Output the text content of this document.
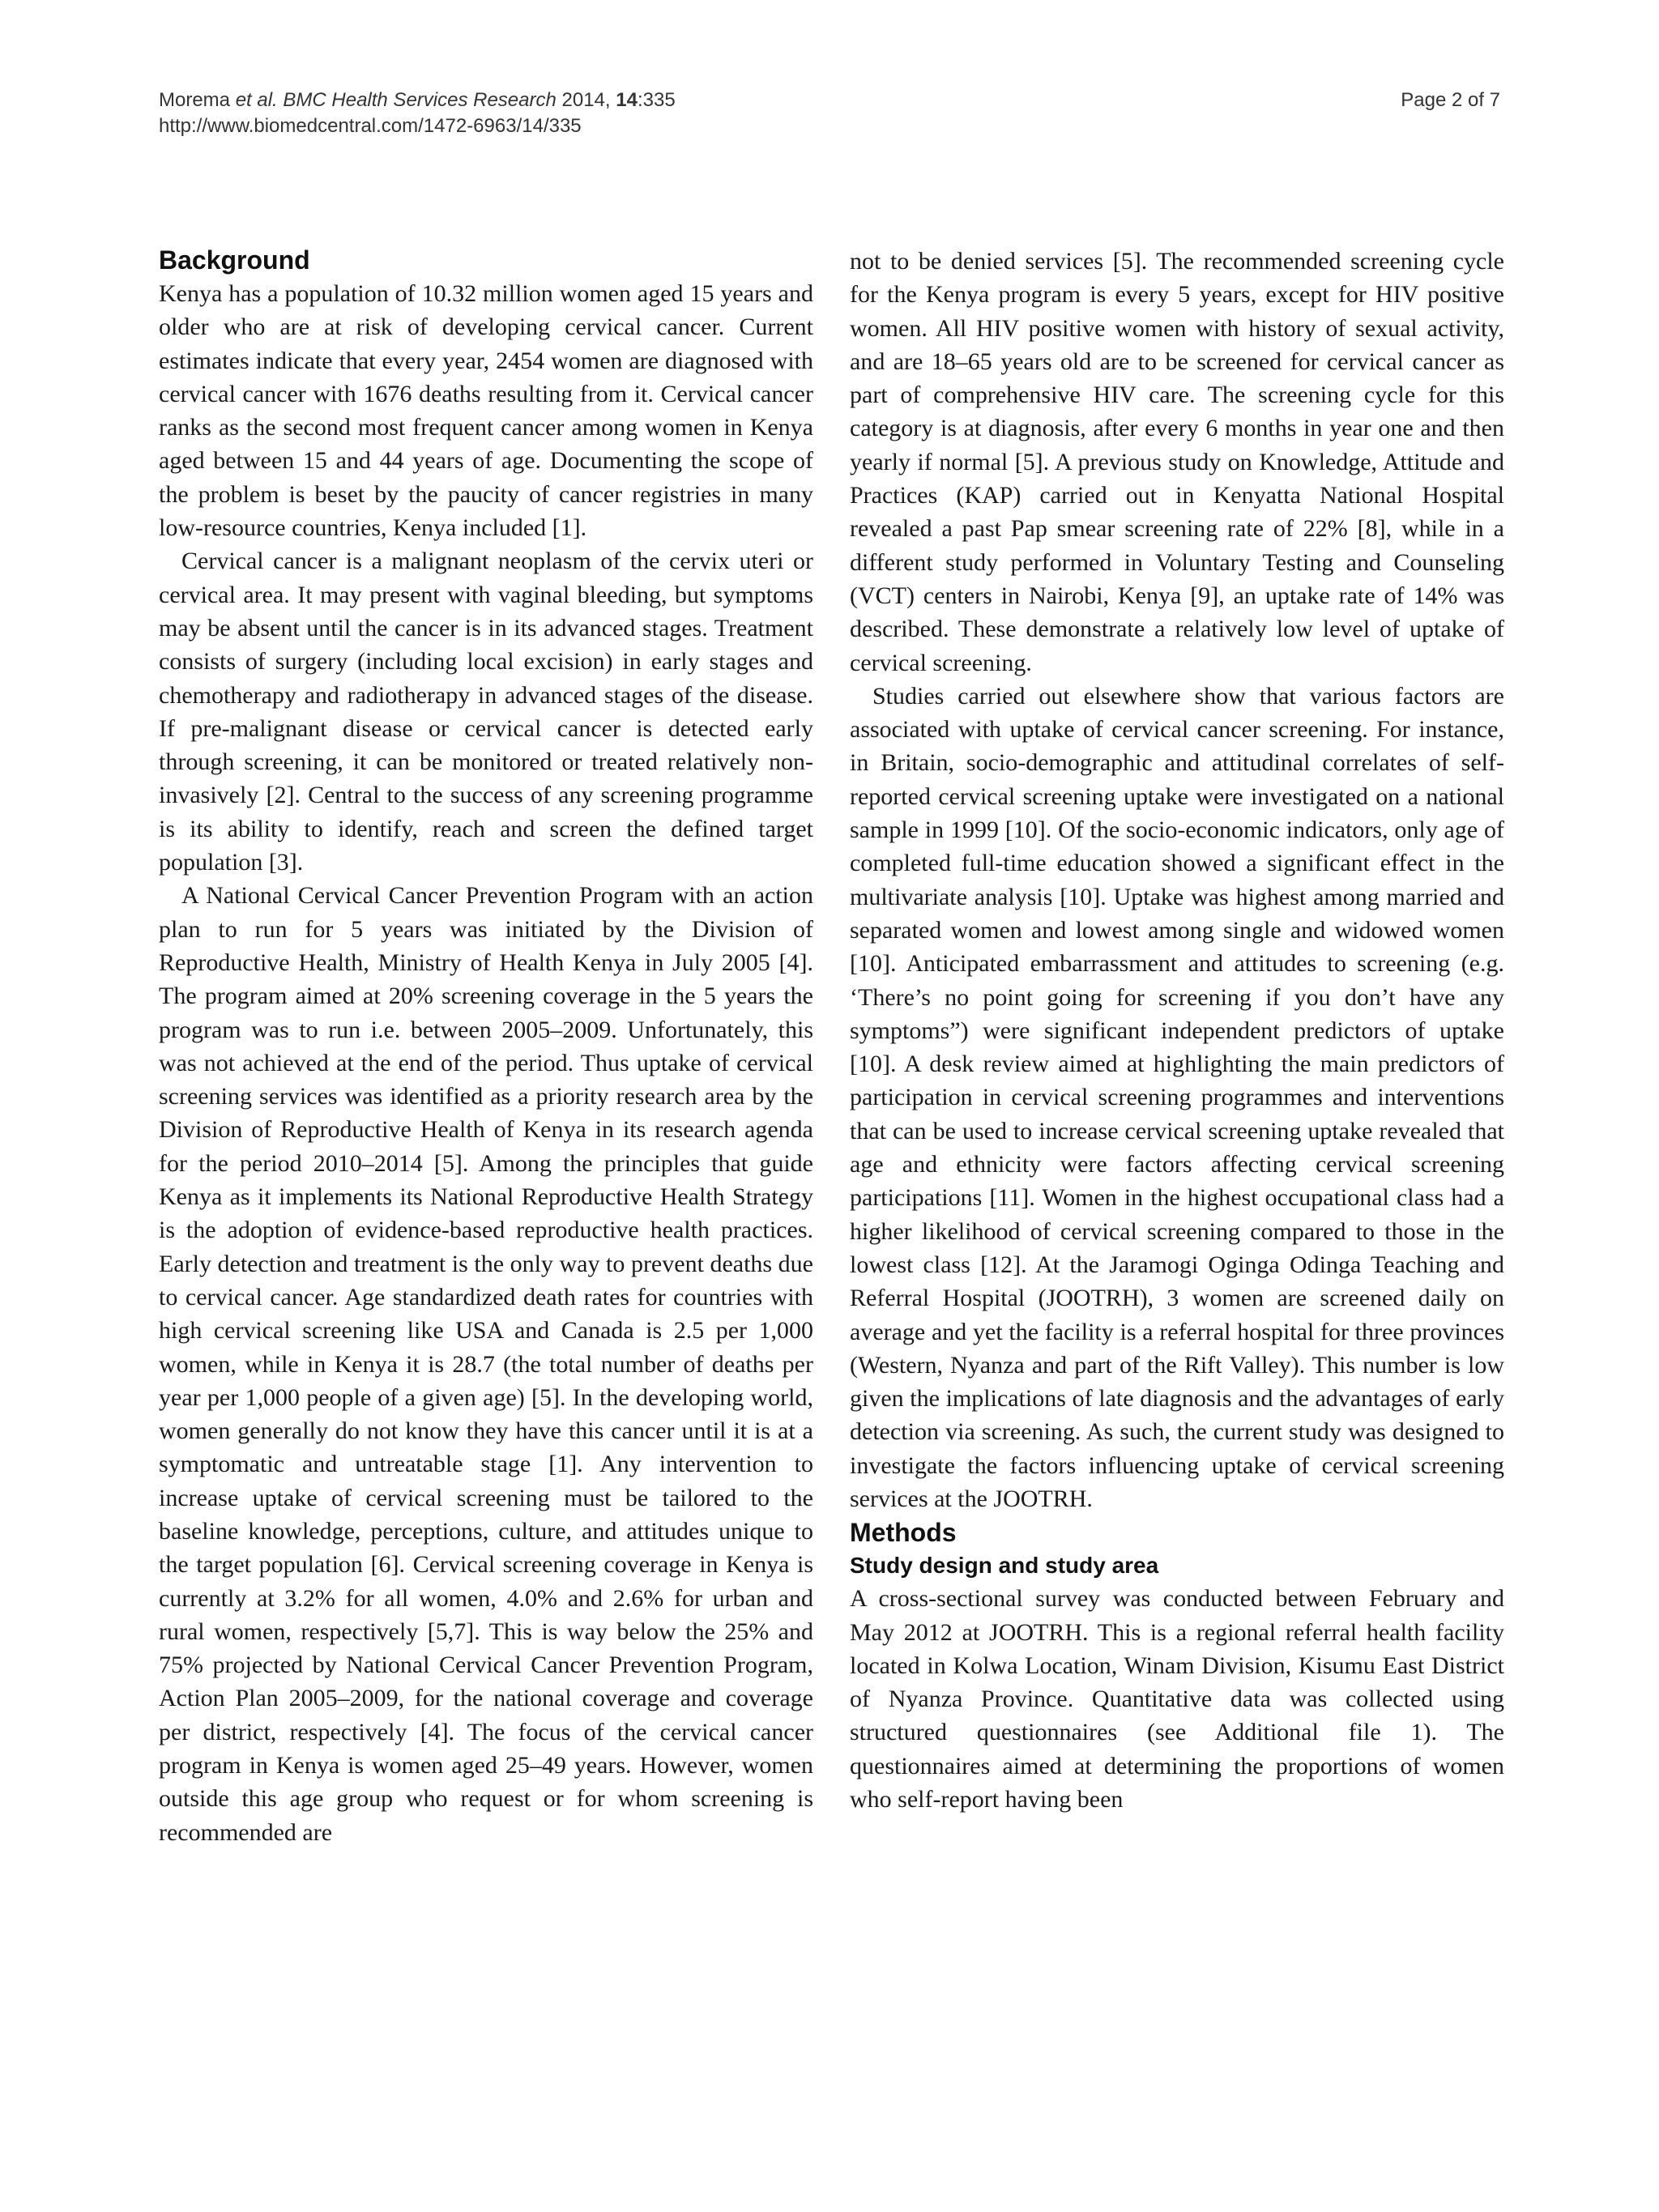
Morema et al. BMC Health Services Research 2014, 14:335
http://www.biomedcentral.com/1472-6963/14/335
Page 2 of 7
Background

Kenya has a population of 10.32 million women aged 15 years and older who are at risk of developing cervical cancer. Current estimates indicate that every year, 2454 women are diagnosed with cervical cancer with 1676 deaths resulting from it. Cervical cancer ranks as the second most frequent cancer among women in Kenya aged between 15 and 44 years of age. Documenting the scope of the problem is beset by the paucity of cancer registries in many low-resource countries, Kenya included [1].

Cervical cancer is a malignant neoplasm of the cervix uteri or cervical area. It may present with vaginal bleeding, but symptoms may be absent until the cancer is in its advanced stages. Treatment consists of surgery (including local excision) in early stages and chemotherapy and radiotherapy in advanced stages of the disease. If pre-malignant disease or cervical cancer is detected early through screening, it can be monitored or treated relatively non-invasively [2]. Central to the success of any screening programme is its ability to identify, reach and screen the defined target population [3].

A National Cervical Cancer Prevention Program with an action plan to run for 5 years was initiated by the Division of Reproductive Health, Ministry of Health Kenya in July 2005 [4]. The program aimed at 20% screening coverage in the 5 years the program was to run i.e. between 2005–2009. Unfortunately, this was not achieved at the end of the period. Thus uptake of cervical screening services was identified as a priority research area by the Division of Reproductive Health of Kenya in its research agenda for the period 2010–2014 [5]. Among the principles that guide Kenya as it implements its National Reproductive Health Strategy is the adoption of evidence-based reproductive health practices. Early detection and treatment is the only way to prevent deaths due to cervical cancer. Age standardized death rates for countries with high cervical screening like USA and Canada is 2.5 per 1,000 women, while in Kenya it is 28.7 (the total number of deaths per year per 1,000 people of a given age) [5]. In the developing world, women generally do not know they have this cancer until it is at a symptomatic and untreatable stage [1]. Any intervention to increase uptake of cervical screening must be tailored to the baseline knowledge, perceptions, culture, and attitudes unique to the target population [6]. Cervical screening coverage in Kenya is currently at 3.2% for all women, 4.0% and 2.6% for urban and rural women, respectively [5,7]. This is way below the 25% and 75% projected by National Cervical Cancer Prevention Program, Action Plan 2005–2009, for the national coverage and coverage per district, respectively [4]. The focus of the cervical cancer program in Kenya is women aged 25–49 years. However, women outside this age group who request or for whom screening is recommended are

not to be denied services [5]. The recommended screening cycle for the Kenya program is every 5 years, except for HIV positive women. All HIV positive women with history of sexual activity, and are 18–65 years old are to be screened for cervical cancer as part of comprehensive HIV care. The screening cycle for this category is at diagnosis, after every 6 months in year one and then yearly if normal [5]. A previous study on Knowledge, Attitude and Practices (KAP) carried out in Kenyatta National Hospital revealed a past Pap smear screening rate of 22% [8], while in a different study performed in Voluntary Testing and Counseling (VCT) centers in Nairobi, Kenya [9], an uptake rate of 14% was described. These demonstrate a relatively low level of uptake of cervical screening.

Studies carried out elsewhere show that various factors are associated with uptake of cervical cancer screening. For instance, in Britain, socio-demographic and attitudinal correlates of self-reported cervical screening uptake were investigated on a national sample in 1999 [10]. Of the socio-economic indicators, only age of completed full-time education showed a significant effect in the multivariate analysis [10]. Uptake was highest among married and separated women and lowest among single and widowed women [10]. Anticipated embarrassment and attitudes to screening (e.g. ‘There’s no point going for screening if you don’t have any symptoms”) were significant independent predictors of uptake [10]. A desk review aimed at highlighting the main predictors of participation in cervical screening programmes and interventions that can be used to increase cervical screening uptake revealed that age and ethnicity were factors affecting cervical screening participations [11]. Women in the highest occupational class had a higher likelihood of cervical screening compared to those in the lowest class [12]. At the Jaramogi Oginga Odinga Teaching and Referral Hospital (JOOTRH), 3 women are screened daily on average and yet the facility is a referral hospital for three provinces (Western, Nyanza and part of the Rift Valley). This number is low given the implications of late diagnosis and the advantages of early detection via screening. As such, the current study was designed to investigate the factors influencing uptake of cervical screening services at the JOOTRH.

Methods
Study design and study area

A cross-sectional survey was conducted between February and May 2012 at JOOTRH. This is a regional referral health facility located in Kolwa Location, Winam Division, Kisumu East District of Nyanza Province. Quantitative data was collected using structured questionnaires (see Additional file 1). The questionnaires aimed at determining the proportions of women who self-report having been
